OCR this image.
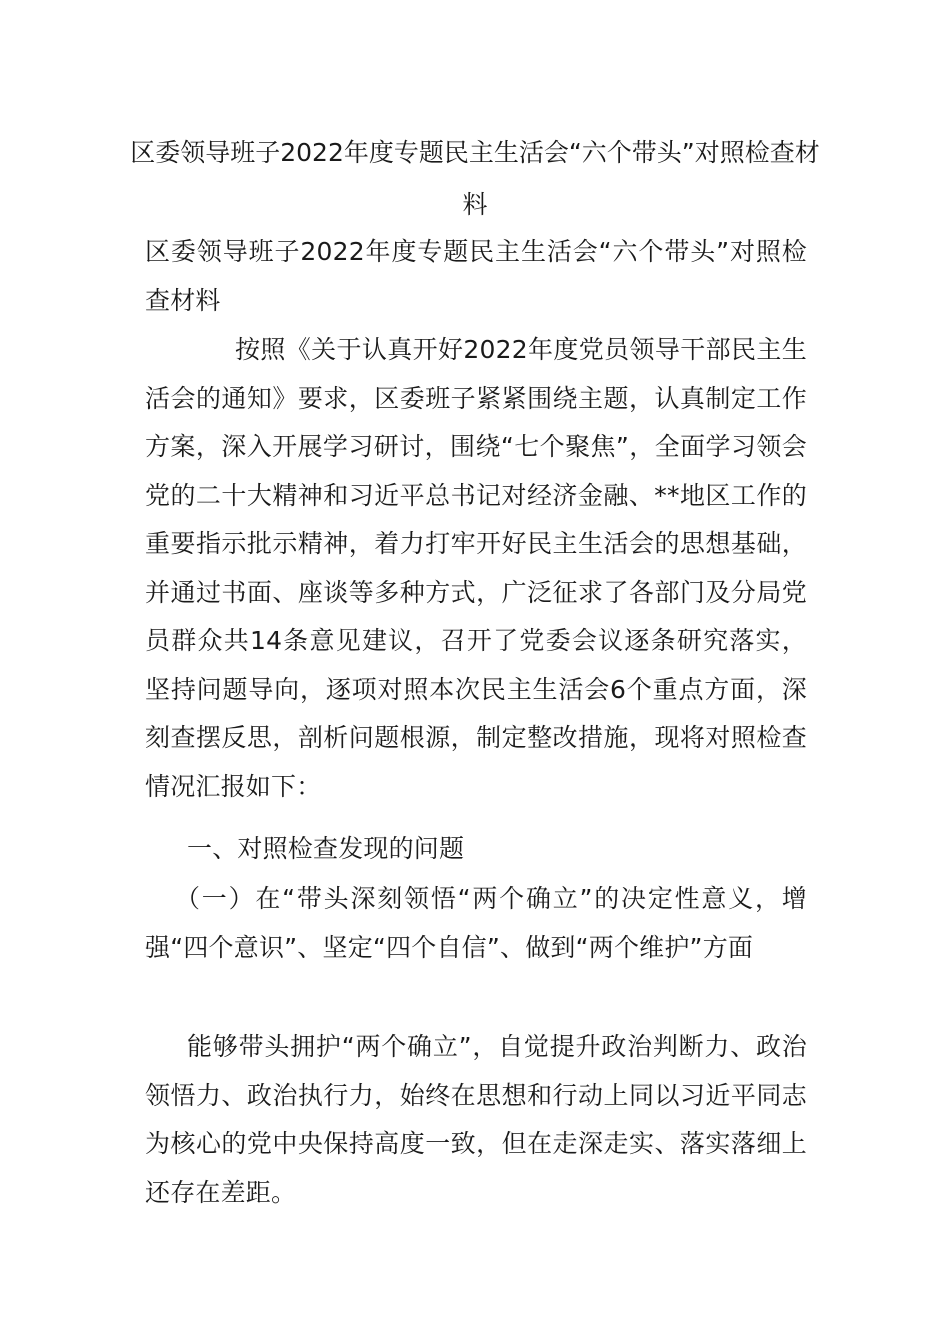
区委领导班子2022年度专题民主生活会“六个带头”对照检查材料
区委领导班子2022年度专题民主生活会“六个带头”对照检查材料
按照《关于认真开好2022年度党员领导干部民主生活会的通知》要求，区委班子紧紧围绕主题，认真制定工作方案，深入开展学习研讨，围绕“七个聚焦”，全面学习领会党的二十大精神和习近平总书记对经济金融、**地区工作的重要指示批示精神，着力打牢开好民主生活会的思想基础，并通过书面、座谈等多种方式，广泛征求了各部门及分局党员群众共14条意见建议，召开了党委会议逐条研究落实，坚持问题导向，逐项对照本次民主生活会6个重点方面，深刻查摆反思，剖析问题根源，制定整改措施，现将对照检查情况汇报如下：
一、对照检查发现的问题
（一）在“带头深刻领悟“两个确立”的决定性意义，增强“四个意识”、坚定“四个自信”、做到“两个维护”方面
能够带头拥护“两个确立”，自觉提升政治判断力、政治领悟力、政治执行力，始终在思想和行动上同以习近平同志为核心的党中央保持高度一致，但在走深走实、落实落细上还存在差距。
